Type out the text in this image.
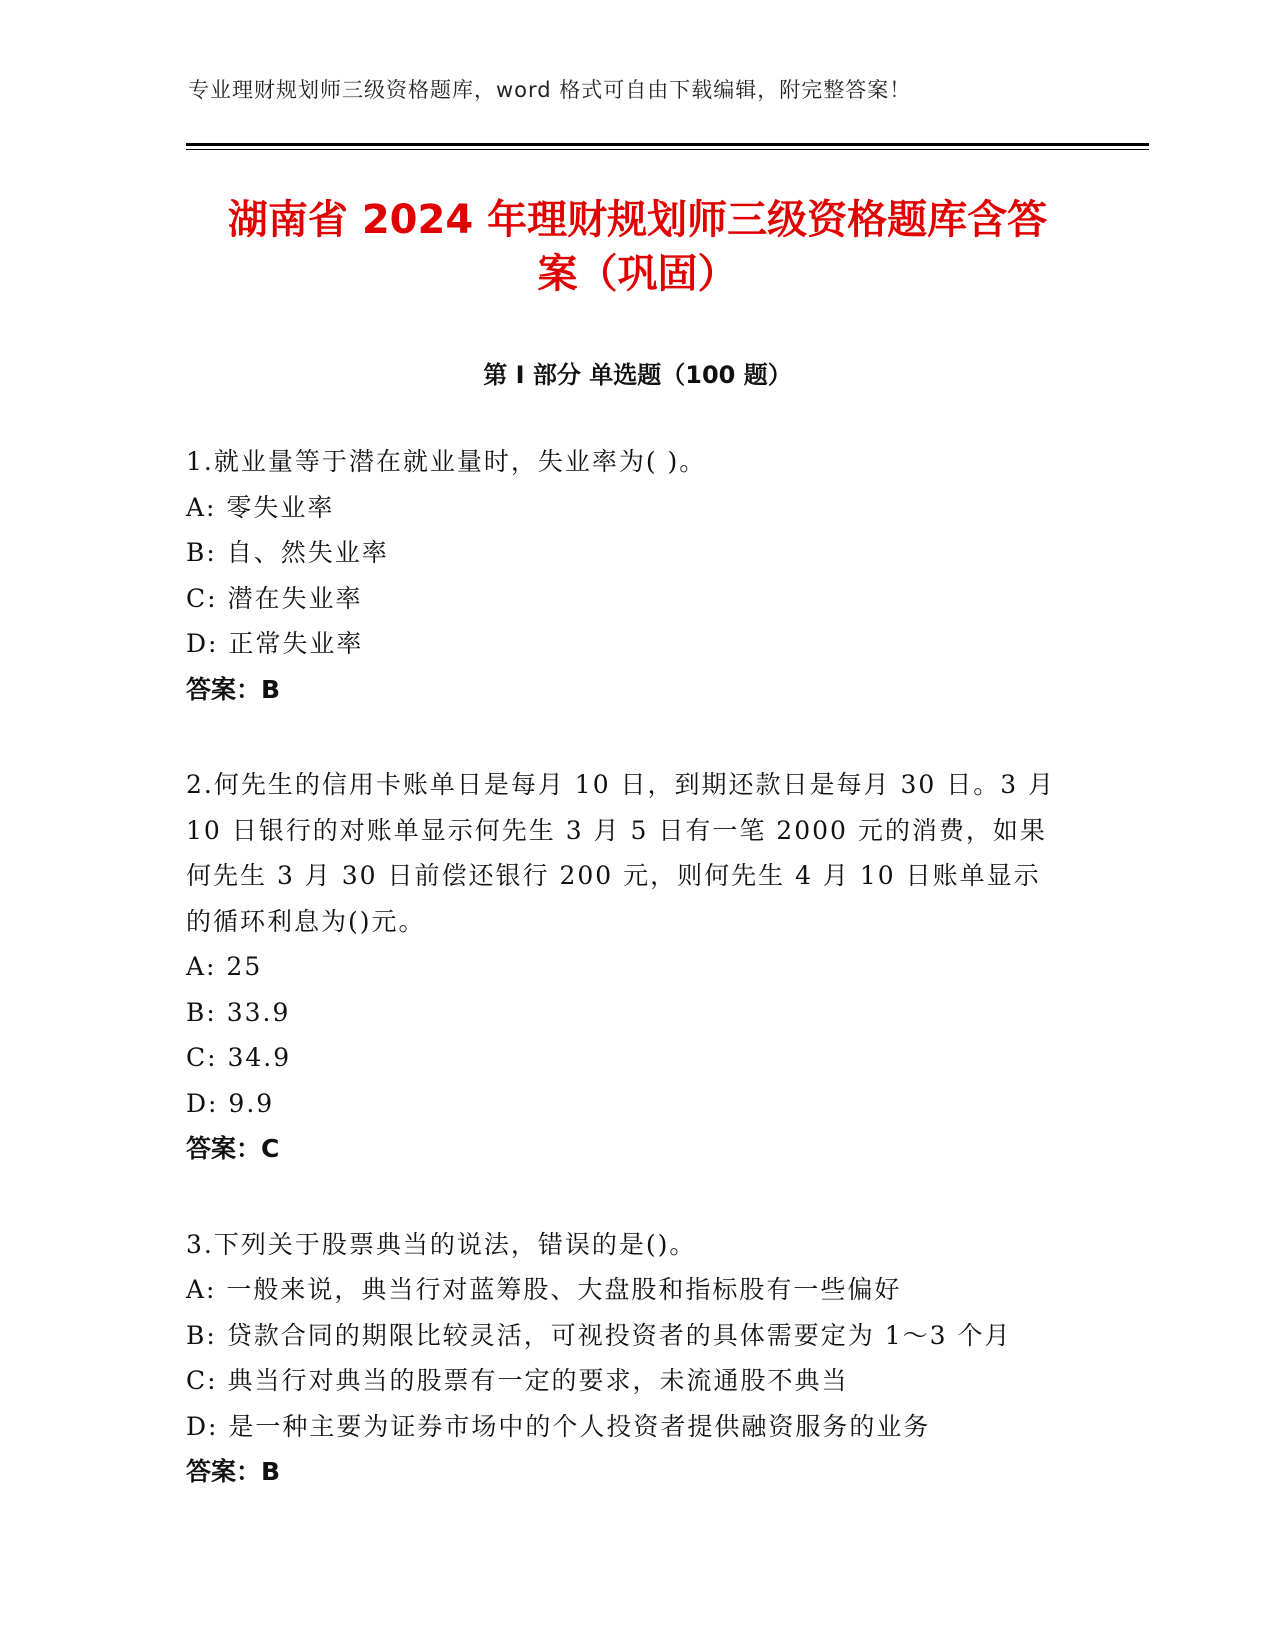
专业理财规划师三级资格题库，word 格式可自由下载编辑，附完整答案！
湖南省 2024 年理财规划师三级资格题库含答
案（巩固）
第 I 部分 单选题（100 题）

1.就业量等于潜在就业量时，失业率为( )。

A: 零失业率

B: 自、然失业率

C: 潜在失业率

D: 正常失业率

答案：B

2.何先生的信用卡账单日是每月 10 日，到期还款日是每月 30 日。3 月 10 日银行的对账单显示何先生 3 月 5 日有一笔 2000 元的消费，如果何先生 3 月 30 日前偿还银行 200 元，则何先生 4 月 10 日账单显示的循环利息为()元。

A: 25

B: 33.9

C: 34.9

D: 9.9

答案：C

3.下列关于股票典当的说法，错误的是()。

A: 一般来说，典当行对蓝筹股、大盘股和指标股有一些偏好

B: 贷款合同的期限比较灵活，可视投资者的具体需要定为 1～3 个月

C: 典当行对典当的股票有一定的要求，未流通股不典当

D: 是一种主要为证券市场中的个人投资者提供融资服务的业务

答案：B
